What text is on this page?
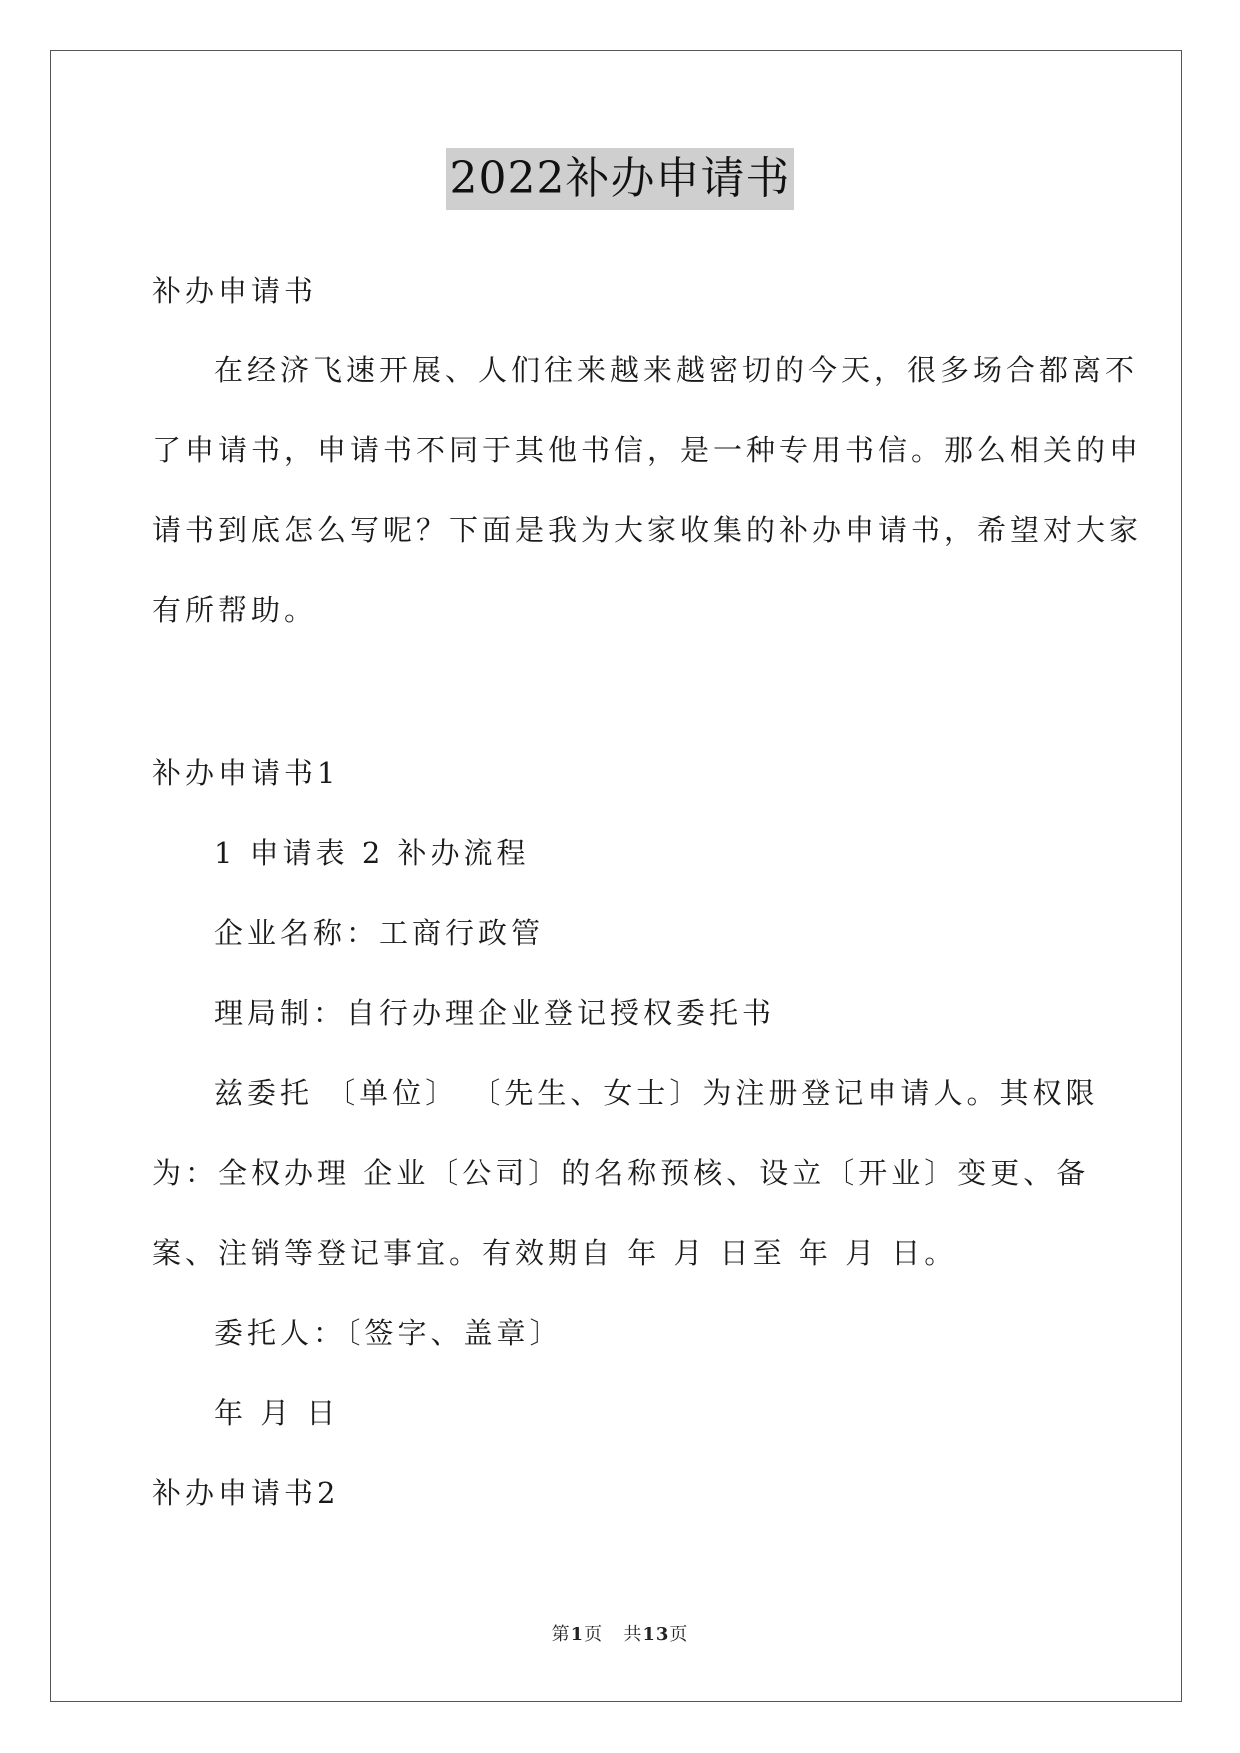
2022补办申请书
补办申请书
在经济飞速开展、人们往来越来越密切的今天，很多场合都离不
了申请书，申请书不同于其他书信，是一种专用书信。那么相关的申
请书到底怎么写呢？下面是我为大家收集的补办申请书，希望对大家
有所帮助。
补办申请书1
1 申请表 2 补办流程
企业名称：工商行政管
理局制：自行办理企业登记授权委托书
兹委托 〔单位〕 〔先生、女士〕为注册登记申请人。其权限
为：全权办理 企业〔公司〕的名称预核、设立〔开业〕变更、备
案、注销等登记事宜。有效期自 年 月 日至 年 月 日。
委托人：〔签字、盖章〕
年 月 日
补办申请书2
第1页 共13页
